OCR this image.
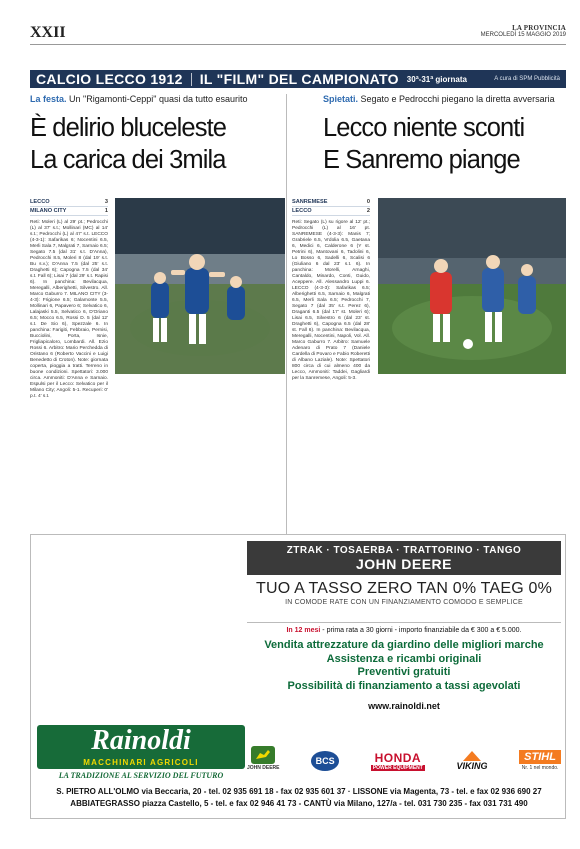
XXII	LA PROVINCIA
MERCOLEDÌ 15 MAGGIO 2019
CALCIO LECCO 1912 IL "FILM" DEL CAMPIONATO 30ª-31ª giornata	A cura di SPM Pubblicità
La festa. Un "Rigamonti-Ceppi" quasi da tutto esaurito
È delirio bluceleste
La carica dei 3mila
LECCO	3
MILANO CITY	1
Reti: Moleri (L) al 29' pt.; Pedrocchi (L) al 37' s.t.; Mollinari (MC) al 14' s.t.; Pedrocchi (L) al 47' s.t. LECCO (4-3-1): Safarikas 6; Nocentini 6.5, Merli Sala 7, Malgrati 7, Sarnaio 6.5; Segato 7.5 (dal 31' s.t. D'Anna), Pedrocchi 8.5, Moleri 8 (dal 19' s.t. Bu s.v.); D'Anna 7.5 (dal 25' s.t. Draghetti 6); Capogna 7.5 (dal 34' s.t. Fall 6); Lisai 7 (dal 29' s.t. Rapisi 6). In panchina: Bevilacqua, Meregalli, Alberighetti, Silvestro. All. Marco Gaburro 7. MILANO CITY (3-4-3): Frigione 6.5; Galamonte 5.5, Mollinari 6, Papavero 6; Selvatico 6, Lalajaski 5.5, Selvatico 6, D'Oriano 6.5; Mocco 6.5, Rossi D. 5 (dal 12' s.t. De Sio 6), Spezzale 6. In panchina: Farigiti, Febbraio, Pernisi, Bucciolini, Porta, Isnie, Frigliapicaloro, Lombardi. All. Ezio Rossi 6. Arbitro: Mario Perchedda di Oristano 6 (Roberto Vaccini e Luigi Benedetto di Croton). Note: giornata coperta, pioggia a tratti. Terreno in buone condizioni. Spettatori: 3.000 circa. Ammoniti: D'Anna e Sarnaio. Espulsi per il Lecco: Selvatico per il Milano City; Angoli: 5-1. Recuperi: 0' p.t. 4' s.t.
Spietati. Segato e Pedrocchi piegano la diretta avversaria
Lecco niente sconti
E Sanremo piange
SANREMESE	0
LECCO	2
Reti: Segato (L) su rigore al 12' pt.; Pedrocchi (L) al 16' pt. SANREMESE (4-3-3): Manis 7; Grabriele 6.5, Vrdolia 6.5, Gaetana 6, Medici 6, Calderone 6 (Y st. Petrini 6), Mantovani 6, Tadolini 6, Lo Bosso 6, Sadelli 6, Scalisi 6 (Giuliano 6 dal 23' s.t. 6). In panchina: Morelli, Arnaghi, Cantaldo, Minardo, Conti, Guido, Aceppere. All. Alessandro Luppi 6. LECCO (4-3-3): Safarikas 6.5; Alberighetti 6.5, Sarnaio 6, Malgrati 6.5, Merli Sala 6.5; Pedrocchi 7, Segato 7 (dal 35' s.t. Perez 6), Draganti 6.5 (dal 17' st. Moleri 6); Lisai 6.5, Silvestro 6 (dal 23' st. Draghetti 6), Capogna 6.5 (dal 28' st. Fall 6). In panchina: Bevilacqua, Meregalli, Nocentini, Napoli, Vol. All. Marco Gaburro 7. Arbitro: Samuele Adenaro di Prato 7 (Daniele Cardella di Povaro e Fabio Roberetti di Albano Laziale). Note: Spettatori 800 circa di cui almeno 400 da Lecco, Ammoniti: Taddei, Gagliardi per la Sanremese, Angoli: 5-3.
ZTRAK · TOSAERBA · TRATTORINO · TANGO
JOHN DEERE
TUO A TASSO ZERO TAN 0% TAEG 0%
IN COMODE RATE CON UN FINANZIAMENTO COMODO E SEMPLICE
In 12 mesi - prima rata a 30 giorni - importo finanziabile da € 300 a € 5.000.
Vendita attrezzature da giardino delle migliori marche
Assistenza e ricambi originali
Preventivi gratuiti
Possibilità di finanziamento a tassi agevolati
www.rainoldi.net
Rainoldi
MACCHINARI AGRICOLI
LA TRADIZIONE AL SERVIZIO DEL FUTURO
JOHN DEERE
BCS	HONDA
POWER EQUIPMENT	VIKING
STIHL
Nr. 1 nel mondo.
S. PIETRO ALL'OLMO via Beccaria, 20 - tel. 02 935 691 18 - fax 02 935 601 37 · LISSONE via Magenta, 73 - tel. e fax 02 936 690 27
ABBIATEGRASSO piazza Castello, 5 - tel. e fax 02 946 41 73 - CANTÙ via Milano, 127/a - tel. 031 730 235 - fax 031 731 490
